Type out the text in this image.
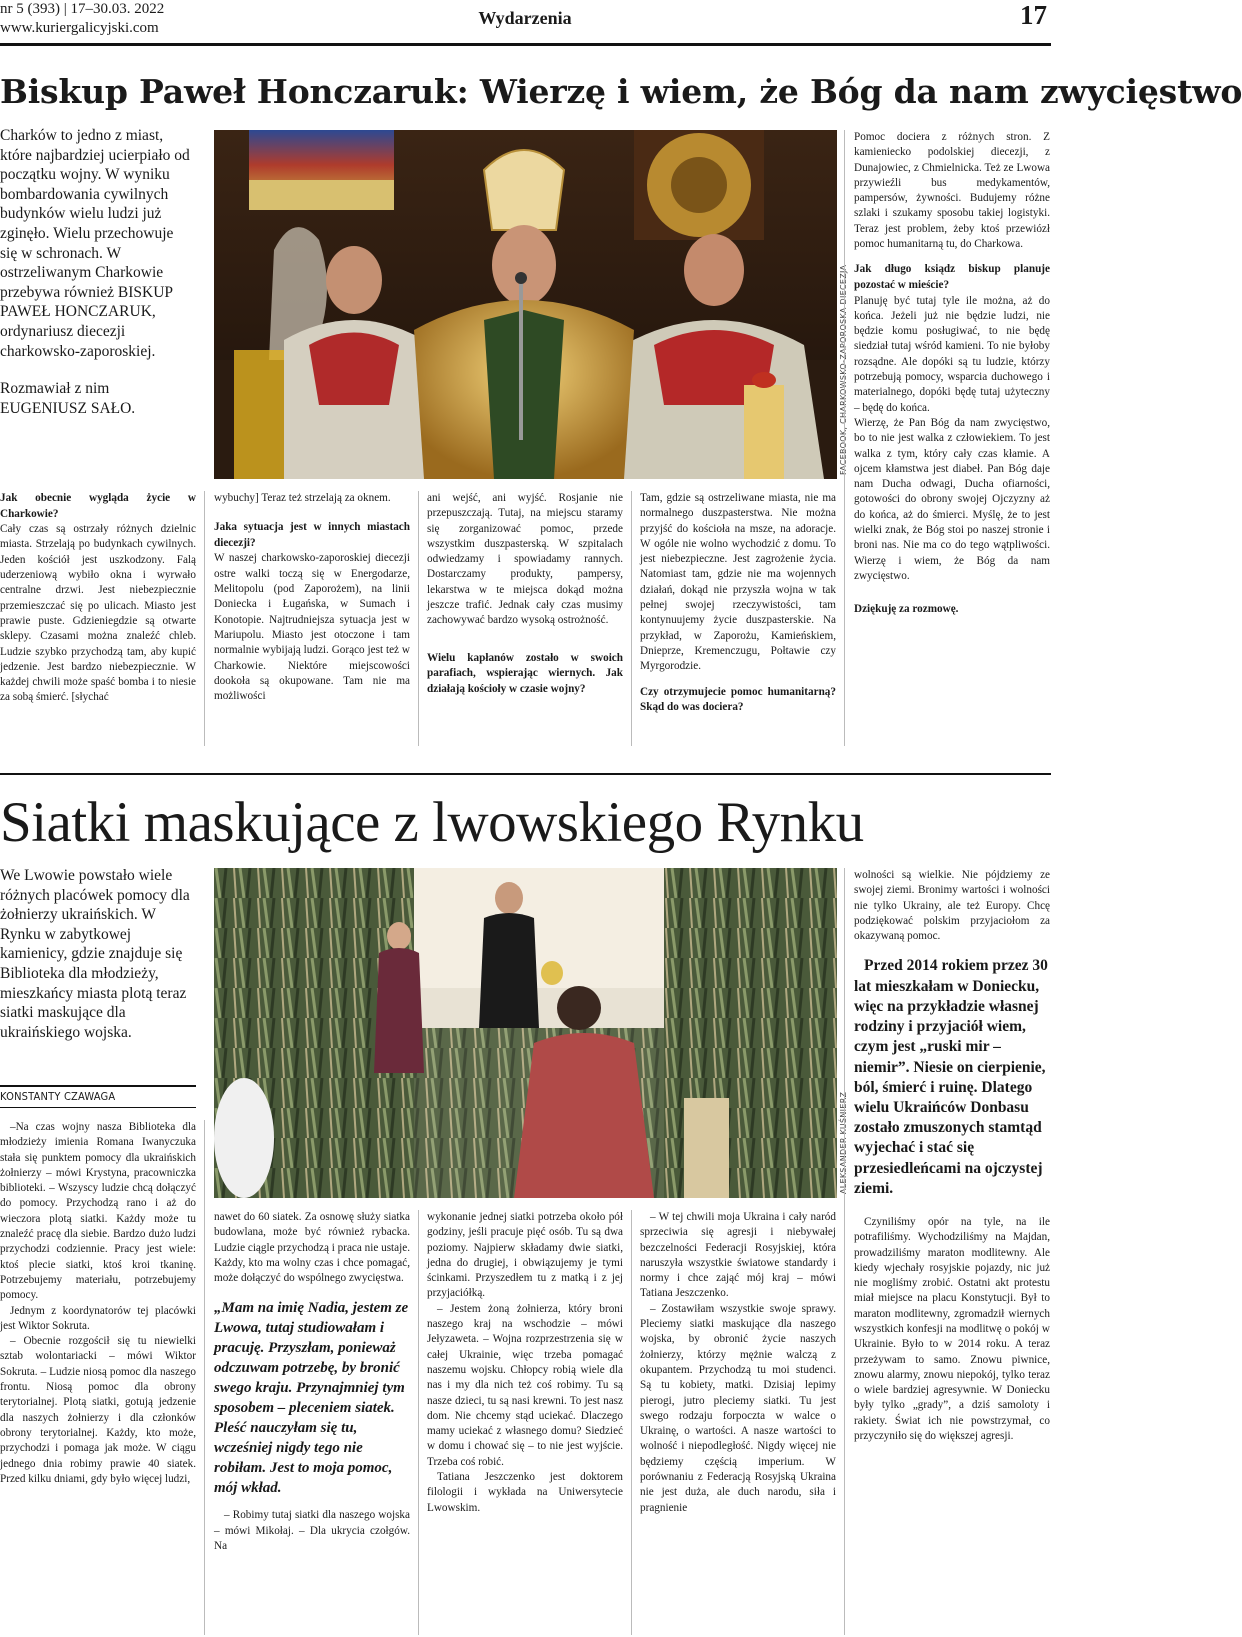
nr 5 (393) | 17–30.03. 2022
www.kuriergalicyjski.com	Wydarzenia	17
Biskup Paweł Honczaruk: Wierzę i wiem, że Bóg da nam zwycięstwo

Charków to jedno z miast, które najbardziej ucierpiało od początku wojny. W wyniku bombardowania cywilnych budynków wielu ludzi już zginęło. Wielu przechowuje się w schronach. W ostrzeliwanym Charkowie przebywa również BISKUP PAWEŁ HONCZARUK, ordynariusz diecezji charkowsko-zaporoskiej.

Rozmawiał z nim EUGENIUSZ SAŁO.

Jak obecnie wygląda życie w Charkowie?

Cały czas są ostrzały różnych dzielnic miasta. Strzelają po budynkach cywilnych. Jeden kościół jest uszkodzony. Falą uderzeniową wybiło okna i wyrwało centralne drzwi. Jest niebezpiecznie przemieszczać się po ulicach. Miasto jest prawie puste. Gdzieniegdzie są otwarte sklepy. Czasami można znaleźć chleb. Ludzie szybko przychodzą tam, aby kupić jedzenie. Jest bardzo niebezpiecznie. W każdej chwili może spaść bomba i to niesie za sobą śmierć. [słychać

wybuchy] Teraz też strzelają za oknem.

Jaka sytuacja jest w innych miastach diecezji?

W naszej charkowsko-zaporoskiej diecezji ostre walki toczą się w Energodarze, Melitopolu (pod Zaporożem), na linii Doniecka i Ługańska, w Sumach i Konotopie. Najtrudniejsza sytuacja jest w Mariupolu. Miasto jest otoczone i tam normalnie wybijają ludzi. Gorąco jest też w Charkowie. Niektóre miejscowości dookoła są okupowane. Tam nie ma możliwości

ani wejść, ani wyjść. Rosjanie nie przepuszczają. Tutaj, na miejscu staramy się zorganizować pomoc, przede wszystkim duszpasterską. W szpitalach odwiedzamy i spowiadamy rannych. Dostarczamy produkty, pampersy, lekarstwa w te miejsca dokąd można jeszcze trafić. Jednak cały czas musimy zachowywać bardzo wysoką ostrożność.

Wielu kapłanów zostało w swoich parafiach, wspierając wiernych. Jak działają kościoły w czasie wojny?

Tam, gdzie są ostrzeliwane miasta, nie ma normalnego duszpasterstwa. Nie można przyjść do kościoła na msze, na adoracje. W ogóle nie wolno wychodzić z domu. To jest niebezpieczne. Jest zagrożenie życia. Natomiast tam, gdzie nie ma wojennych działań, dokąd nie przyszła wojna w tak pełnej swojej rzeczywistości, tam kontynuujemy życie duszpasterskie. Na przykład, w Zaporożu, Kamieńskiem, Dnieprze, Kremenczugu, Połtawie czy Myrgorodzie.

Czy otrzymujecie pomoc humanitarną? Skąd do was dociera?

Pomoc dociera z różnych stron. Z kamieniecko podolskiej diecezji, z Dunajowiec, z Chmielnicka. Też ze Lwowa przywieźli bus medykamentów, pampersów, żywności. Budujemy różne szlaki i szukamy sposobu takiej logistyki. Teraz jest problem, żeby ktoś przewiózł pomoc humanitarną tu, do Charkowa.

Jak długo ksiądz biskup planuje pozostać w mieście?

Planuję być tutaj tyle ile można, aż do końca. Jeżeli już nie będzie ludzi, nie będzie komu posługiwać, to nie będę siedział tutaj wśród kamieni. To nie byłoby rozsądne. Ale dopóki są tu ludzie, którzy potrzebują pomocy, wsparcia duchowego i materialnego, dopóki będę tutaj użyteczny – będę do końca.

Wierzę, że Pan Bóg da nam zwycięstwo, bo to nie jest walka z człowiekiem. To jest walka z tym, który cały czas kłamie. A ojcem kłamstwa jest diabeł. Pan Bóg daje nam Ducha odwagi, Ducha ofiarności, gotowości do obrony swojej Ojczyzny aż do końca, aż do śmierci. Myślę, że to jest wielki znak, że Bóg stoi po naszej stronie i broni nas. Nie ma co do tego wątpliwości. Wierzę i wiem, że Bóg da nam zwycięstwo.

Dziękuję za rozmowę.

Siatki maskujące z lwowskiego Rynku
We Lwowie powstało wiele różnych placówek pomocy dla żołnierzy ukraińskich. W Rynku w zabytkowej kamienicy, gdzie znajduje się Biblioteka dla młodzieży, mieszkańcy miasta plotą teraz siatki maskujące dla ukraińskiego wojska.
KONSTANTY CZAWAGA

–Na czas wojny nasza Biblioteka dla młodzieży imienia Romana Iwanyczuka stała się punktem pomocy dla ukraińskich żołnierzy – mówi Krystyna, pracowniczka biblioteki. – Wszyscy ludzie chcą dołączyć do pomocy. Przychodzą rano i aż do wieczora plotą siatki. Każdy może tu znaleźć pracę dla siebie. Bardzo dużo ludzi przychodzi codziennie. Pracy jest wiele: ktoś plecie siatki, ktoś kroi tkaninę. Potrzebujemy materiału, potrzebujemy pomocy.

Jednym z koordynatorów tej placówki jest Wiktor Sokruta.

– Obecnie rozgościł się tu niewielki sztab wolontariacki – mówi Wiktor Sokruta. – Ludzie niosą pomoc dla naszego frontu. Niosą pomoc dla obrony terytorialnej. Plotą siatki, gotują jedzenie dla naszych żołnierzy i dla członków obrony terytorialnej. Każdy, kto może, przychodzi i pomaga jak może. W ciągu jednego dnia robimy prawie 40 siatek. Przed kilku dniami, gdy było więcej ludzi,

nawet do 60 siatek. Za osnowę służy siatka budowlana, może być również rybacka. Ludzie ciągle przychodzą i praca nie ustaje. Każdy, kto ma wolny czas i chce pomagać, może dołączyć do wspólnego zwycięstwa.

„Mam na imię Nadia, jestem ze Lwowa, tutaj studiowałam i pracuję. Przyszłam, ponieważ odczuwam potrzebę, by bronić swego kraju. Przynajmniej tym sposobem – pleceniem siatek. Pleść nauczyłam się tu, wcześniej nigdy tego nie robiłam. Jest to moja pomoc, mój wkład.

– Robimy tutaj siatki dla naszego wojska – mówi Mikołaj. – Dla ukrycia czołgów. Na

wykonanie jednej siatki potrzeba około pół godziny, jeśli pracuje pięć osób. Tu są dwa poziomy. Najpierw składamy dwie siatki, jedna do drugiej, i obwiązujemy je tymi ścinkami. Przyszedłem tu z matką i z jej przyjaciółką.

– Jestem żoną żołnierza, który broni naszego kraj na wschodzie – mówi Jełyzaweta. – Wojna rozprzestrzenia się w całej Ukrainie, więc trzeba pomagać naszemu wojsku. Chłopcy robią wiele dla nas i my dla nich też coś robimy. Tu są nasze dzieci, tu są nasi krewni. To jest nasz dom. Nie chcemy stąd uciekać. Dlaczego mamy uciekać z własnego domu? Siedzieć w domu i chować się – to nie jest wyjście. Trzeba coś robić.

Tatiana Jeszczenko jest doktorem filologii i wykłada na Uniwersytecie Lwowskim.

– W tej chwili moja Ukraina i cały naród sprzeciwia się agresji i niebywałej bezczelności Federacji Rosyjskiej, która naruszyła wszystkie światowe standardy i normy i chce zająć mój kraj – mówi Tatiana Jeszczenko.

– Zostawiłam wszystkie swoje sprawy. Pleciemy siatki maskujące dla naszego wojska, by obronić życie naszych żołnierzy, którzy mężnie walczą z okupantem. Przychodzą tu moi studenci. Są tu kobiety, matki. Dzisiaj lepimy pierogi, jutro pleciemy siatki. Tu jest swego rodzaju forpoczta w walce o Ukrainę, o wartości. A nasze wartości to wolność i niepodległość. Nigdy więcej nie będziemy częścią imperium. W porównaniu z Federacją Rosyjską Ukraina nie jest duża, ale duch narodu, siła i pragnienie

wolności są wielkie. Nie pójdziemy ze swojej ziemi. Bronimy wartości i wolności nie tylko Ukrainy, ale też Europy. Chcę podziękować polskim przyjaciołom za okazywaną pomoc.

Przed 2014 rokiem przez 30 lat mieszkałam w Doniecku, więc na przykładzie własnej rodziny i przyjaciół wiem, czym jest „ruski mir – niemir”. Niesie on cierpienie, ból, śmierć i ruinę. Dlatego wielu Ukraińców Donbasu zostało zmuszonych stamtąd wyjechać i stać się przesiedleńcami na ojczystej ziemi.

Czyniliśmy opór na tyle, na ile potrafiliśmy. Wychodziliśmy na Majdan, prowadziliśmy maraton modlitewny. Ale kiedy wjechały rosyjskie pojazdy, nic już nie mogliśmy zrobić. Ostatni akt protestu miał miejsce na placu Konstytucji. Był to maraton modlitewny, zgromadził wiernych wszystkich konfesji na modlitwę o pokój w Ukrainie. Było to w 2014 roku. A teraz przeżywam to samo. Znowu piwnice, znowu alarmy, znowu niepokój, tylko teraz o wiele bardziej agresywnie. W Doniecku były tylko „grady”, a dziś samoloty i rakiety. Świat ich nie powstrzymał, co przyczyniło się do większej agresji.
